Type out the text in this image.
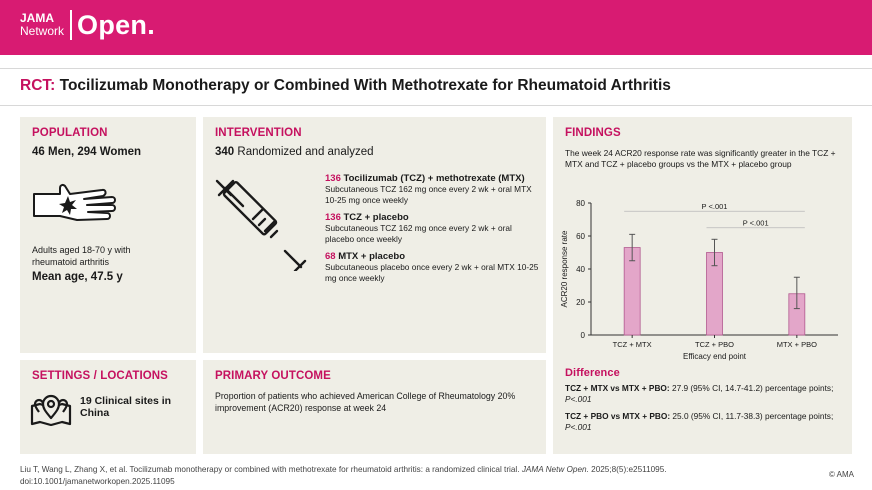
JAMA
Network Open.
RCT: Tocilizumab Monotherapy or Combined With Methotrexate for Rheumatoid Arthritis
POPULATION
46 Men, 294 Women
Adults aged 18-70 y with rheumatoid arthritis
Mean age, 47.5 y
INTERVENTION
340 Randomized and analyzed
136 Tocilizumab (TCZ) + methotrexate (MTX)
Subcutaneous TCZ 162 mg once every 2 wk + oral MTX 10-25 mg once weekly
136 TCZ + placebo
Subcutaneous TCZ 162 mg once every 2 wk + oral placebo once weekly
68 MTX + placebo
Subcutaneous placebo once every 2 wk + oral MTX 10-25 mg once weekly
FINDINGS
The week 24 ACR20 response rate was significantly greater in the TCZ + MTX and TCZ + placebo groups vs the MTX + placebo group
0
20
40
60
80
ACR20 response rate
TCZ + MTX	TCZ + PBO	MTX + PBO
Efficacy end point
P <.001
P <.001
Difference
TCZ + MTX vs MTX + PBO: 27.9 (95% CI, 14.7-41.2) percentage points; P<.001
TCZ + PBO vs MTX + PBO: 25.0 (95% CI, 11.7-38.3) percentage points; P<.001
SETTINGS / LOCATIONS
19 Clinical sites in China
PRIMARY OUTCOME
Proportion of patients who achieved American College of Rheumatology 20% improvement (ACR20) response at week 24
Liu T, Wang L, Zhang X, et al. Tocilizumab monotherapy or combined with methotrexate for rheumatoid arthritis: a randomized clinical trial. JAMA Netw Open. 2025;8(5):e2511095.
doi:10.1001/jamanetworkopen.2025.11095
© AMA
